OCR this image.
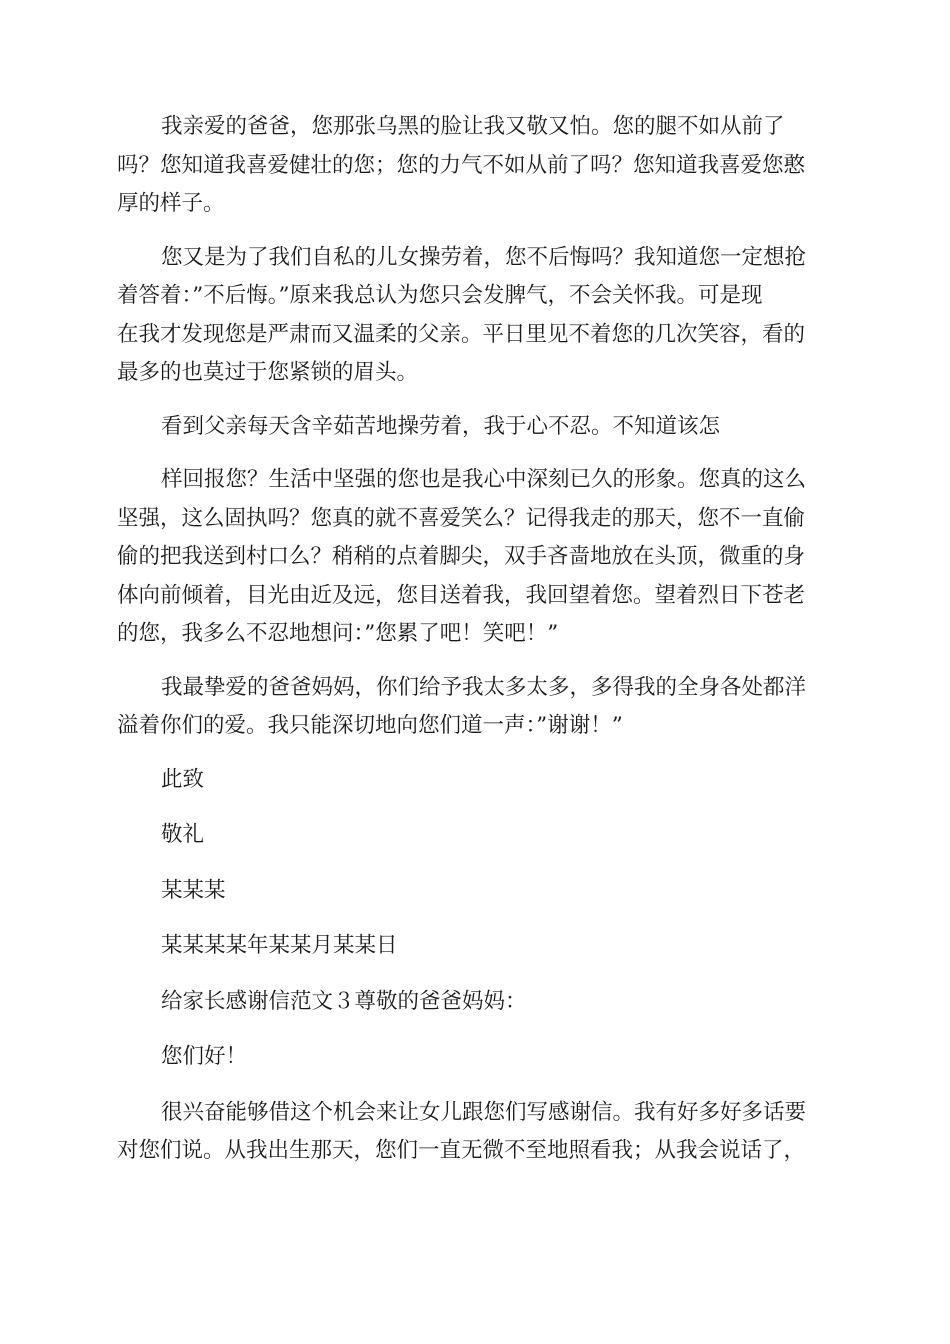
我亲爱的爸爸，您那张乌黑的脸让我又敬又怕。您的腿不如从前了
吗？您知道我喜爱健壮的您；您的力气不如从前了吗？您知道我喜爱您憨
厚的样子。

您又是为了我们自私的儿女操劳着，您不后悔吗？我知道您一定想抢
着答着：”不后悔。”原来我总认为您只会发脾气，不会关怀我。可是现
在我才发现您是严肃而又温柔的父亲。平日里见不着您的几次笑容，看的
最多的也莫过于您紧锁的眉头。

看到父亲每天含辛茹苦地操劳着，我于心不忍。不知道该怎

样回报您？生活中坚强的您也是我心中深刻已久的形象。您真的这么
坚强，这么固执吗？您真的就不喜爱笑么？记得我走的那天，您不一直偷
偷的把我送到村口么？稍稍的点着脚尖，双手吝啬地放在头顶，微重的身
体向前倾着，目光由近及远，您目送着我，我回望着您。望着烈日下苍老
的您，我多么不忍地想问：”您累了吧！笑吧！”

我最挚爱的爸爸妈妈，你们给予我太多太多，多得我的全身各处都洋
溢着你们的爱。我只能深切地向您们道一声：”谢谢！”

此致

敬礼

某某某

某某某某年某某月某某日

给家长感谢信范文３尊敬的爸爸妈妈：

您们好！

很兴奋能够借这个机会来让女儿跟您们写感谢信。我有好多好多话要
对您们说。从我出生那天，您们一直无微不至地照看我；从我会说话了，
